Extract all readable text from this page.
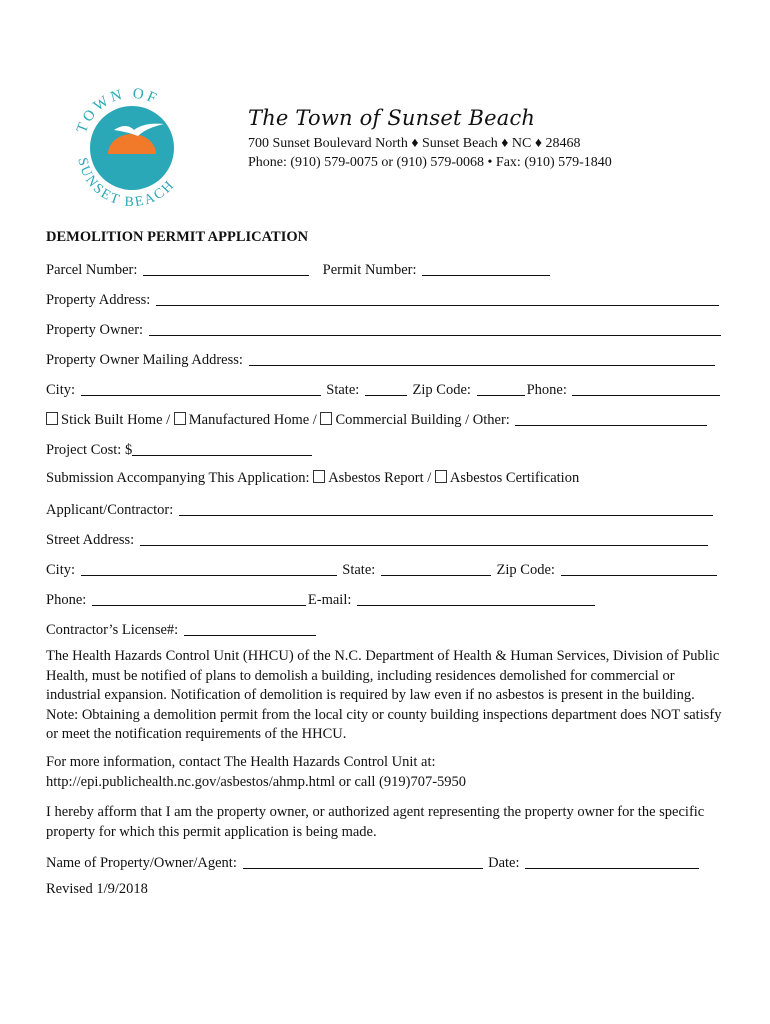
TOWN OF
SUNSET BEACH
The Town of Sunset Beach
700 Sunset Boulevard North ♦ Sunset Beach ♦ NC ♦ 28468
Phone: (910) 579-0075 or (910) 579-0068 • Fax: (910) 579-1840
DEMOLITION PERMIT APPLICATION
Parcel Number:	Permit Number:
Property Address:
Property Owner:
Property Owner Mailing Address:
City:	State:	Zip Code:	Phone:
Stick Built Home / Manufactured Home / Commercial Building / Other:
Project Cost: $
Submission Accompanying This Application: Asbestos Report / Asbestos Certification
Applicant/Contractor:
Street Address:
City:	State:	Zip Code:
Phone:	E-mail:
Contractor’s License#:
The Health Hazards Control Unit (HHCU) of the N.C. Department of Health & Human Services, Division of Public Health, must be notified of plans to demolish a building, including residences demolished for commercial or industrial expansion. Notification of demolition is required by law even if no asbestos is present in the building. Note: Obtaining a demolition permit from the local city or county building inspections department does NOT satisfy or meet the notification requirements of the HHCU.
For more information, contact The Health Hazards Control Unit at:
http://epi.publichealth.nc.gov/asbestos/ahmp.html or call (919)707-5950
I hereby afform that I am the property owner, or authorized agent representing the property owner for the specific property for which this permit application is being made.
Name of Property/Owner/Agent:	Date:
Revised 1/9/2018
